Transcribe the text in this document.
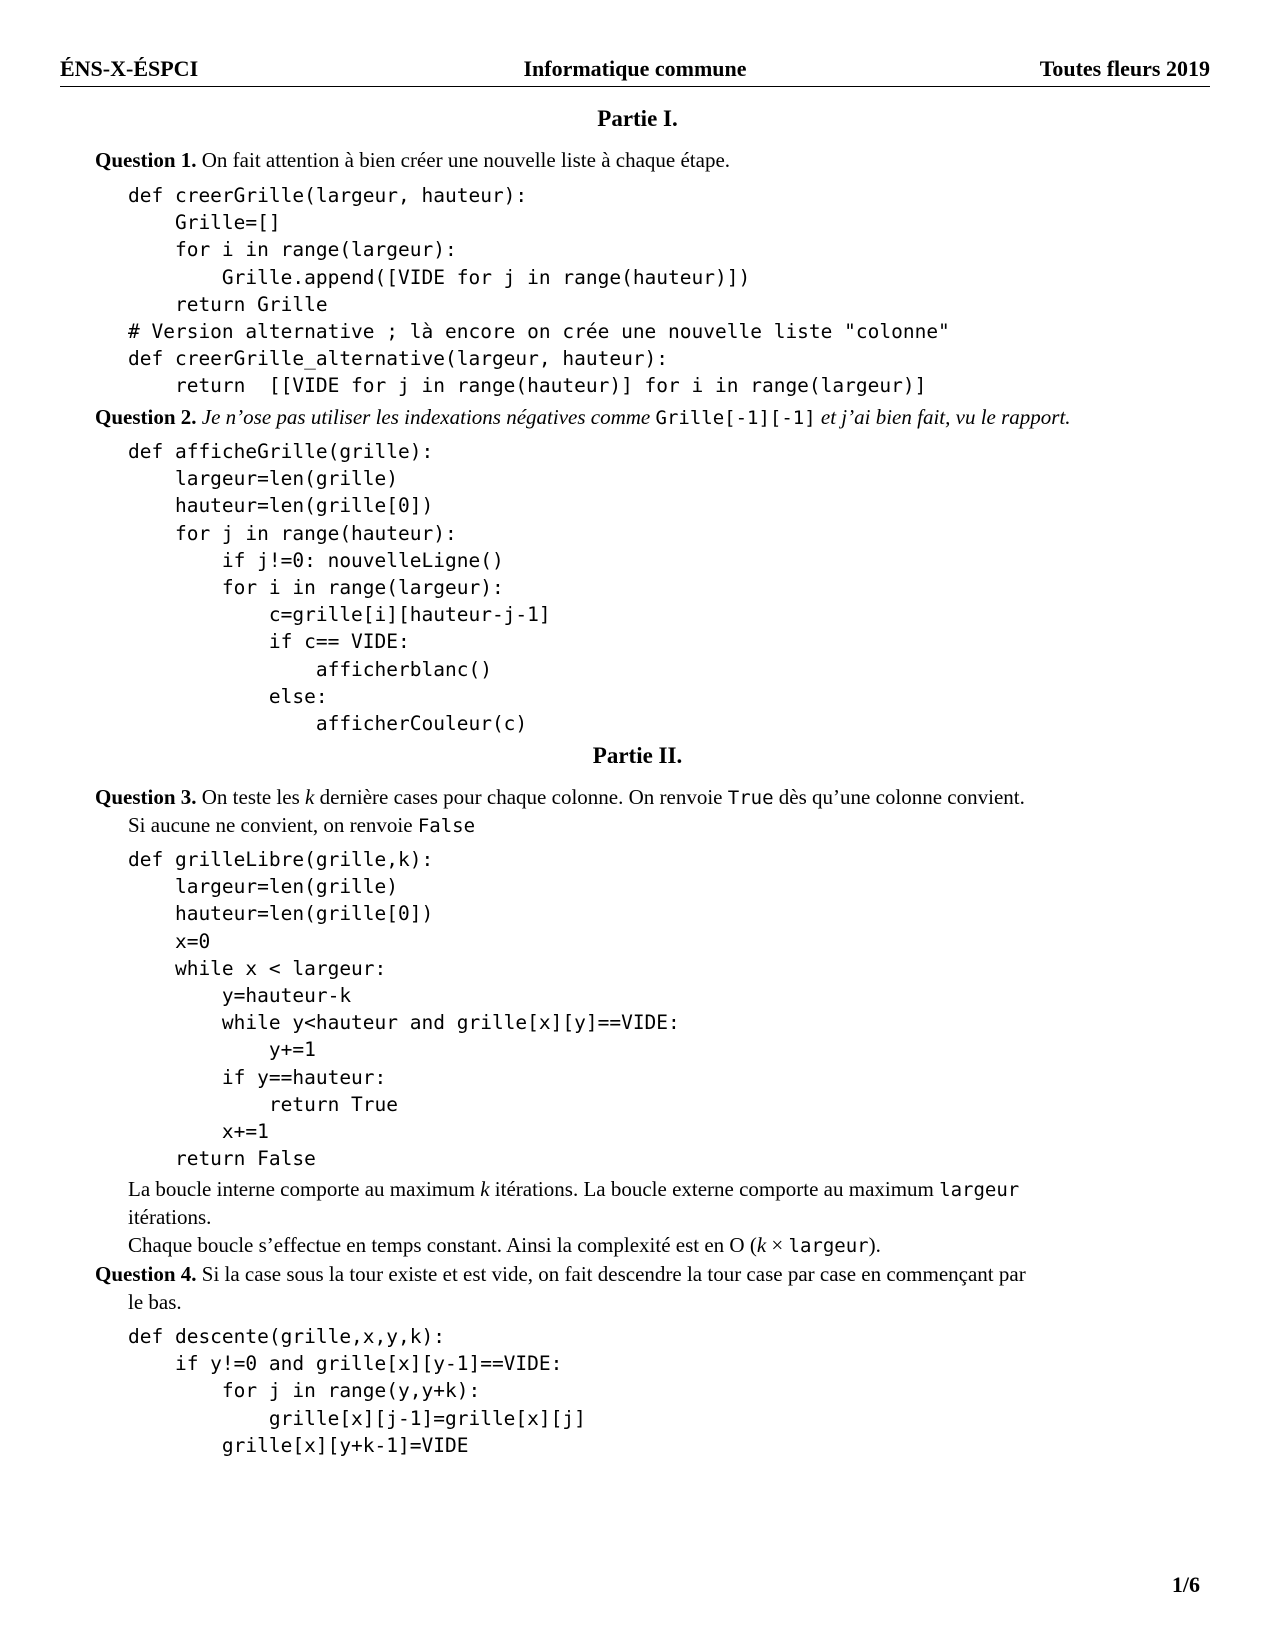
ÉNS-X-ÉSPCI	Informatique commune	Toutes fleurs 2019
Partie I.
Question 1. On fait attention à bien créer une nouvelle liste à chaque étape.
def creerGrille(largeur, hauteur):
Grille=[]
for i in range(largeur):
Grille.append([VIDE for j in range(hauteur)])
return Grille
# Version alternative ; là encore on crée une nouvelle liste "colonne"
def creerGrille_alternative(largeur, hauteur):
return  [[VIDE for j in range(hauteur)] for i in range(largeur)]
Question 2. Je n’ose pas utiliser les indexations négatives comme Grille[-1][-1] et j’ai bien fait, vu le rapport.
def afficheGrille(grille):
largeur=len(grille)
hauteur=len(grille[0])
for j in range(hauteur):
if j!=0: nouvelleLigne()
for i in range(largeur):
c=grille[i][hauteur-j-1]
if c== VIDE:
afficherblanc()
else:
afficherCouleur(c)
Partie II.
Question 3. On teste les k dernière cases pour chaque colonne. On renvoie True dès qu’une colonne convient.
Si aucune ne convient, on renvoie False
def grilleLibre(grille,k):
largeur=len(grille)
hauteur=len(grille[0])
x=0
while x < largeur:
y=hauteur-k
while y<hauteur and grille[x][y]==VIDE:
y+=1
if y==hauteur:
return True
x+=1
return False
La boucle interne comporte au maximum k itérations. La boucle externe comporte au maximum largeur
itérations.
Chaque boucle s’effectue en temps constant. Ainsi la complexité est en O (k × largeur).
Question 4. Si la case sous la tour existe et est vide, on fait descendre la tour case par case en commençant par
le bas.
def descente(grille,x,y,k):
if y!=0 and grille[x][y-1]==VIDE:
for j in range(y,y+k):
grille[x][j-1]=grille[x][j]
grille[x][y+k-1]=VIDE
1/6
